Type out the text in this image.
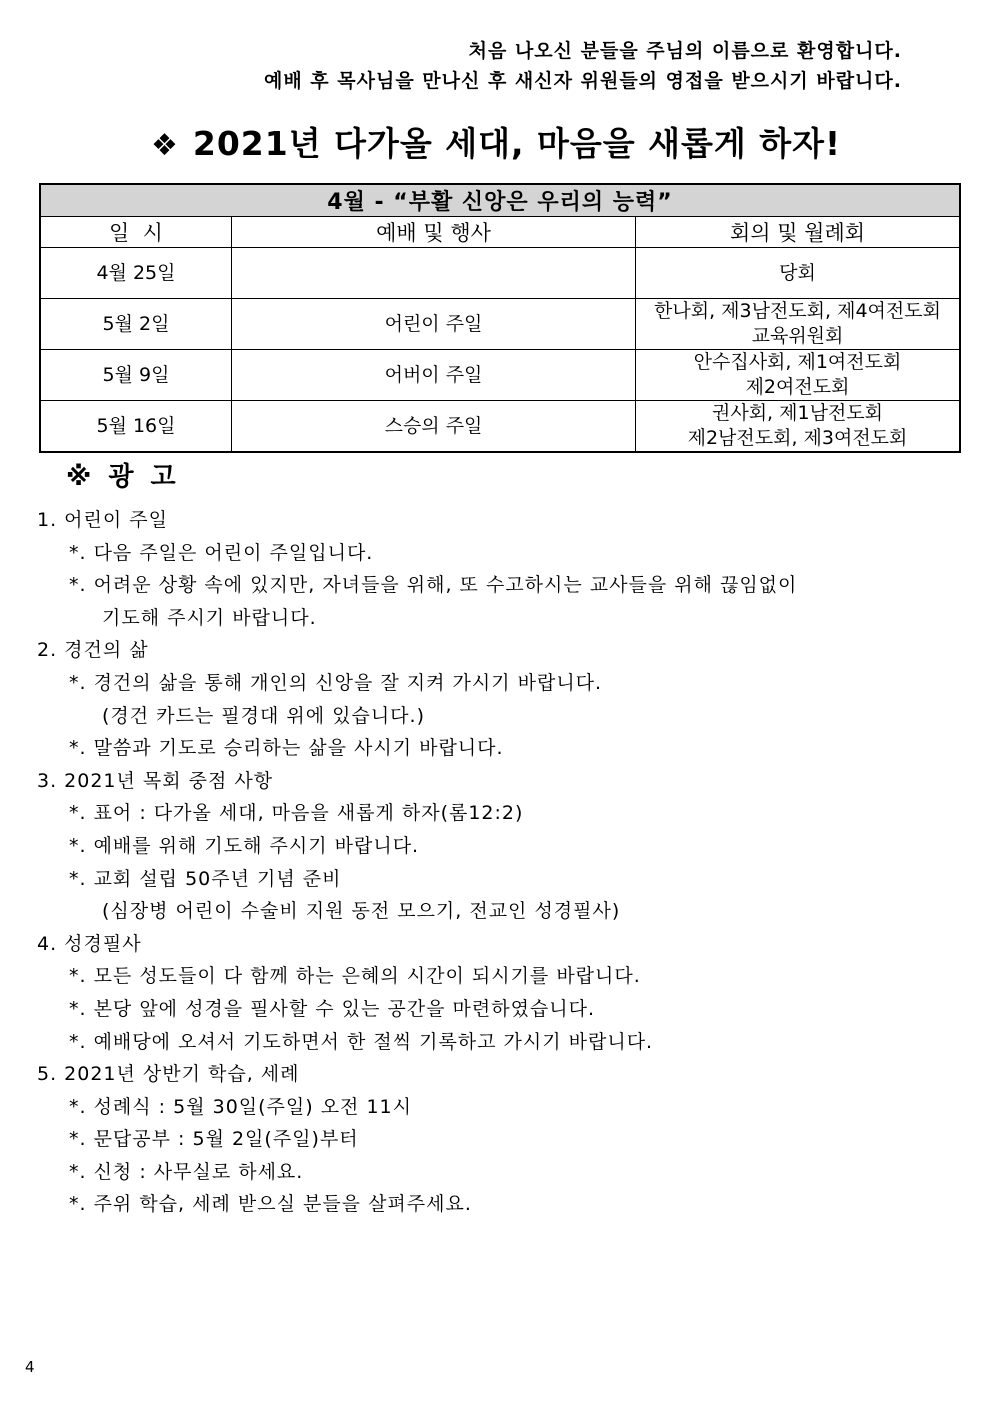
처음 나오신 분들을 주님의 이름으로 환영합니다.
예배 후 목사님을 만나신 후 새신자 위원들의 영접을 받으시기 바랍니다.
❖ 2021년 다가올 세대, 마음을 새롭게 하자!
4월 - “부활 신앙은 우리의 능력”		
일  시	예배 및 행사	회의 및 월례회
4월 25일		당회

5월 2일	어린이 주일	한나회, 제3남전도회, 제4여전도회
교육위원회

5월 9일	어버이 주일	안수집사회, 제1여전도회
제2여전도회

5월 16일	스승의 주일	권사회, 제1남전도회
제2남전도회, 제3여전도회
※ 광 고
1. 어린이 주일
*. 다음 주일은 어린이 주일입니다.
*. 어려운 상황 속에 있지만, 자녀들을 위해, 또 수고하시는 교사들을 위해 끊임없이
기도해 주시기 바랍니다.
2. 경건의 삶
*. 경건의 삶을 통해 개인의 신앙을 잘 지켜 가시기 바랍니다.
(경건 카드는 필경대 위에 있습니다.)
*. 말씀과 기도로 승리하는 삶을 사시기 바랍니다.
3. 2021년 목회 중점 사항
*. 표어 : 다가올 세대, 마음을 새롭게 하자(롬12:2)
*. 예배를 위해 기도해 주시기 바랍니다.
*. 교회 설립 50주년 기념 준비
(심장병 어린이 수술비 지원 동전 모으기, 전교인 성경필사)
4. 성경필사
*. 모든 성도들이 다 함께 하는 은혜의 시간이 되시기를 바랍니다.
*. 본당 앞에 성경을 필사할 수 있는 공간을 마련하였습니다.
*. 예배당에 오셔서 기도하면서 한 절씩 기록하고 가시기 바랍니다.
5. 2021년 상반기 학습, 세례
*. 성례식 : 5월 30일(주일) 오전 11시
*. 문답공부 : 5월 2일(주일)부터
*. 신청 : 사무실로 하세요.
*. 주위 학습, 세례 받으실 분들을 살펴주세요.
4
